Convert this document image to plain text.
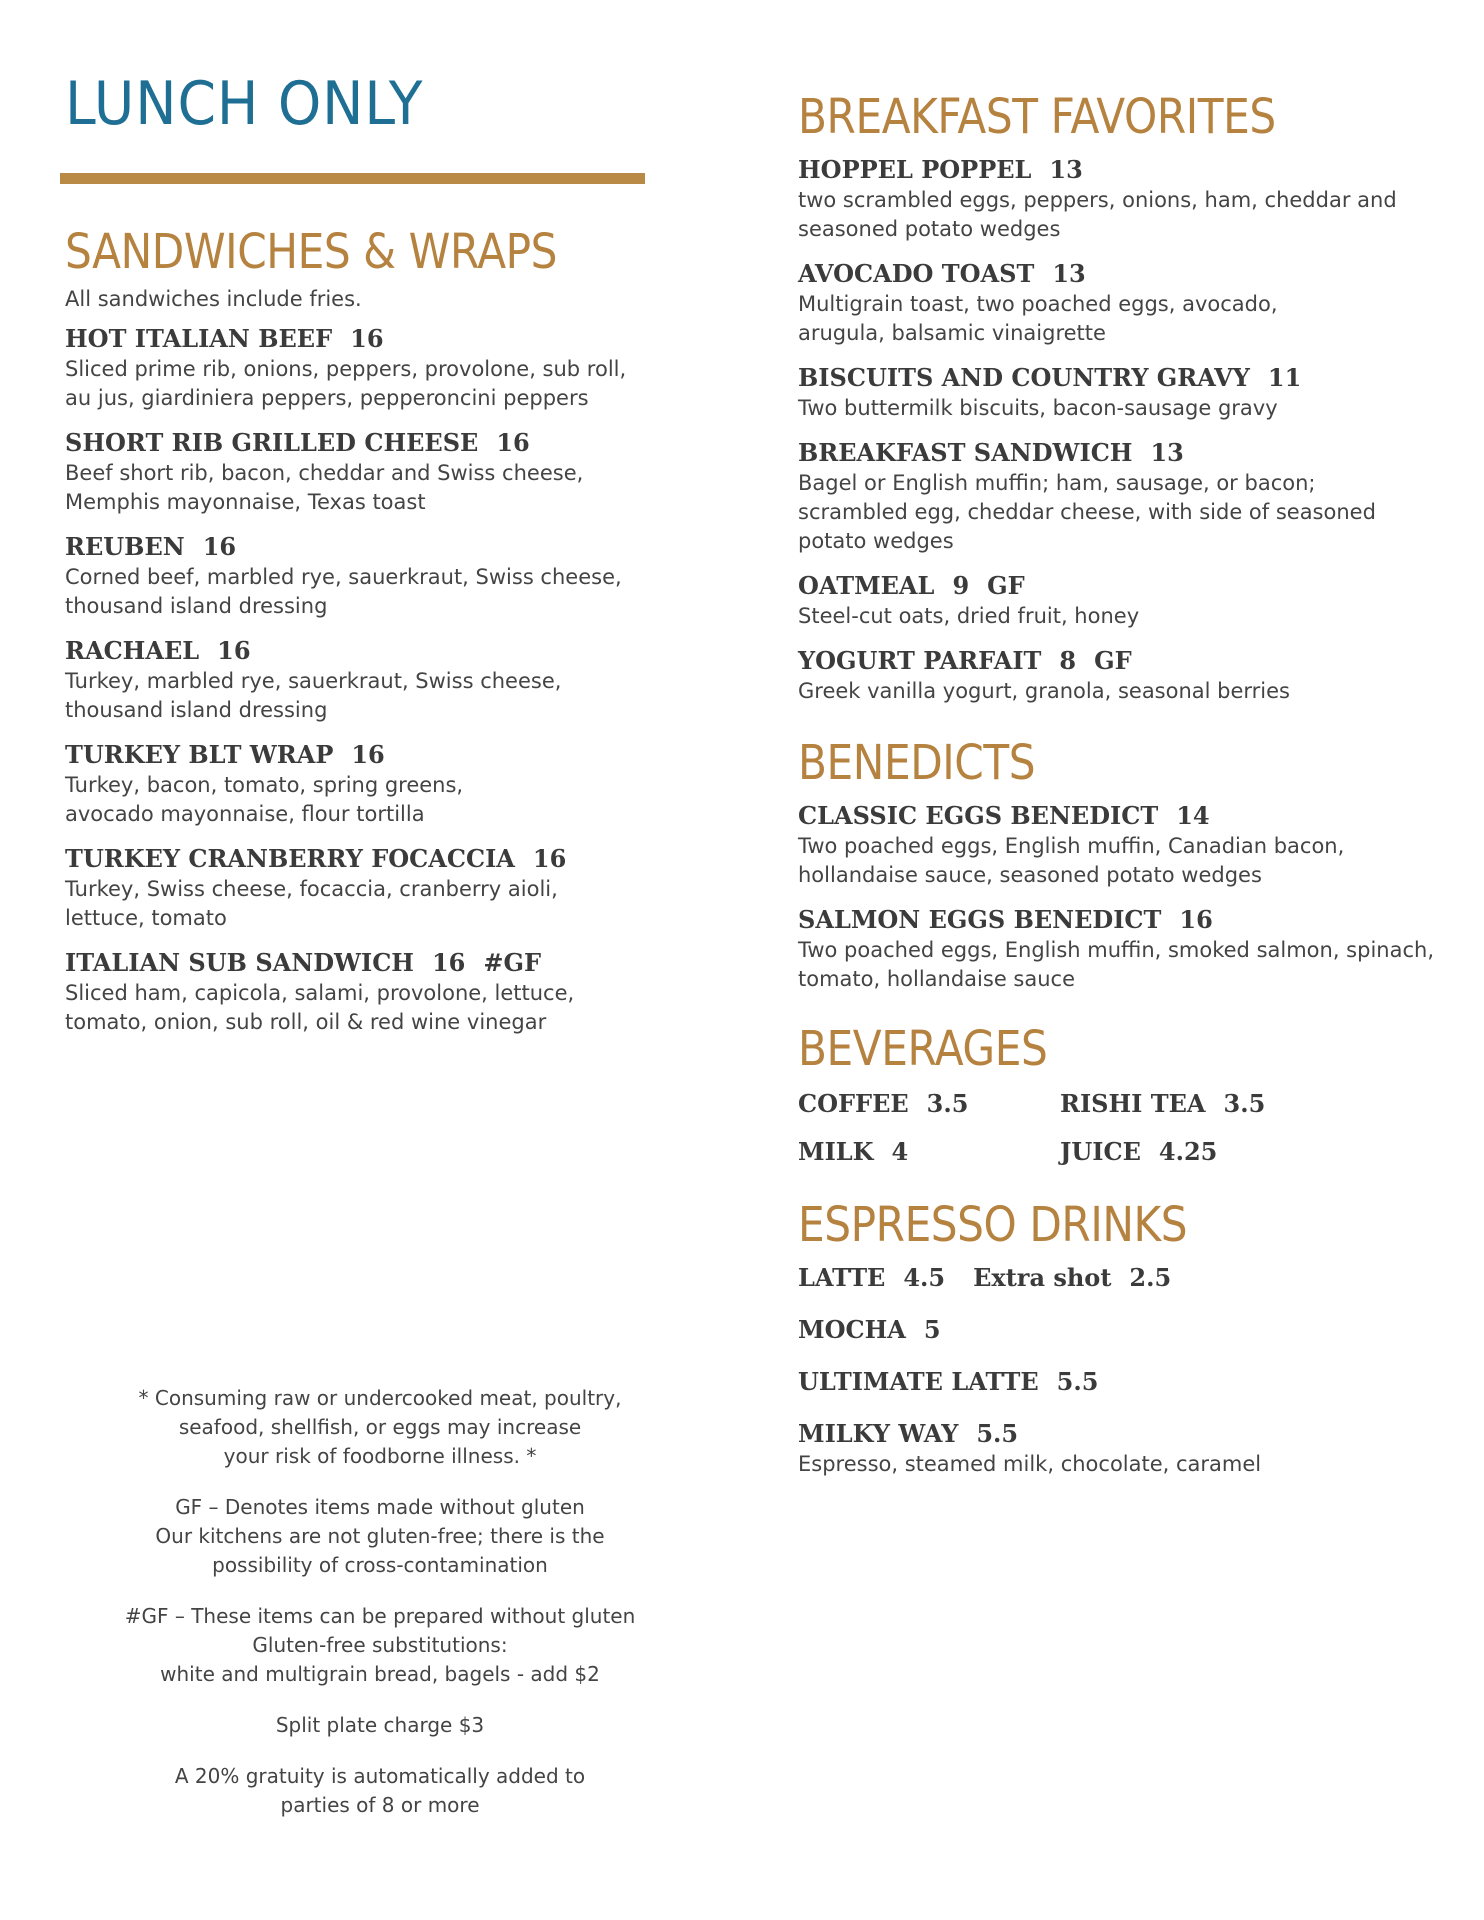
LUNCH ONLY
SANDWICHES & WRAPS
All sandwiches include fries.
HOT ITALIAN BEEF 16
Sliced prime rib, onions, peppers, provolone, sub roll,
au jus, giardiniera peppers, pepperoncini peppers
SHORT RIB GRILLED CHEESE 16
Beef short rib, bacon, cheddar and Swiss cheese,
Memphis mayonnaise, Texas toast
REUBEN 16
Corned beef, marbled rye, sauerkraut, Swiss cheese,
thousand island dressing
RACHAEL 16
Turkey, marbled rye, sauerkraut, Swiss cheese,
thousand island dressing
TURKEY BLT WRAP 16
Turkey, bacon, tomato, spring greens,
avocado mayonnaise, flour tortilla
TURKEY CRANBERRY FOCACCIA 16
Turkey, Swiss cheese, focaccia, cranberry aioli,
lettuce, tomato
ITALIAN SUB SANDWICH 16 #GF
Sliced ham, capicola, salami, provolone, lettuce,
tomato, onion, sub roll, oil & red wine vinegar

* Consuming raw or undercooked meat, poultry,
seafood, shellfish, or eggs may increase
your risk of foodborne illness. *

GF – Denotes items made without gluten
Our kitchens are not gluten-free; there is the
possibility of cross-contamination

#GF – These items can be prepared without gluten
Gluten-free substitutions:
white and multigrain bread, bagels - add $2

Split plate charge $3

A 20% gratuity is automatically added to
parties of 8 or more

BREAKFAST FAVORITES
HOPPEL POPPEL 13
two scrambled eggs, peppers, onions, ham, cheddar and
seasoned potato wedges
AVOCADO TOAST 13
Multigrain toast, two poached eggs, avocado,
arugula, balsamic vinaigrette
BISCUITS AND COUNTRY GRAVY 11
Two buttermilk biscuits, bacon-sausage gravy
BREAKFAST SANDWICH 13
Bagel or English muffin; ham, sausage, or bacon;
scrambled egg, cheddar cheese, with side of seasoned
potato wedges
OATMEAL 9 GF
Steel-cut oats, dried fruit, honey
YOGURT PARFAIT 8 GF
Greek vanilla yogurt, granola, seasonal berries
BENEDICTS
CLASSIC EGGS BENEDICT 14
Two poached eggs, English muffin, Canadian bacon,
hollandaise sauce, seasoned potato wedges
SALMON EGGS BENEDICT 16
Two poached eggs, English muffin, smoked salmon, spinach,
tomato, hollandaise sauce
BEVERAGES
COFFEE 3.5	RISHI TEA 3.5
MILK 4	JUICE 4.25
ESPRESSO DRINKS
LATTE 4.5 Extra shot 2.5
MOCHA 5
ULTIMATE LATTE 5.5
MILKY WAY 5.5
Espresso, steamed milk, chocolate, caramel
